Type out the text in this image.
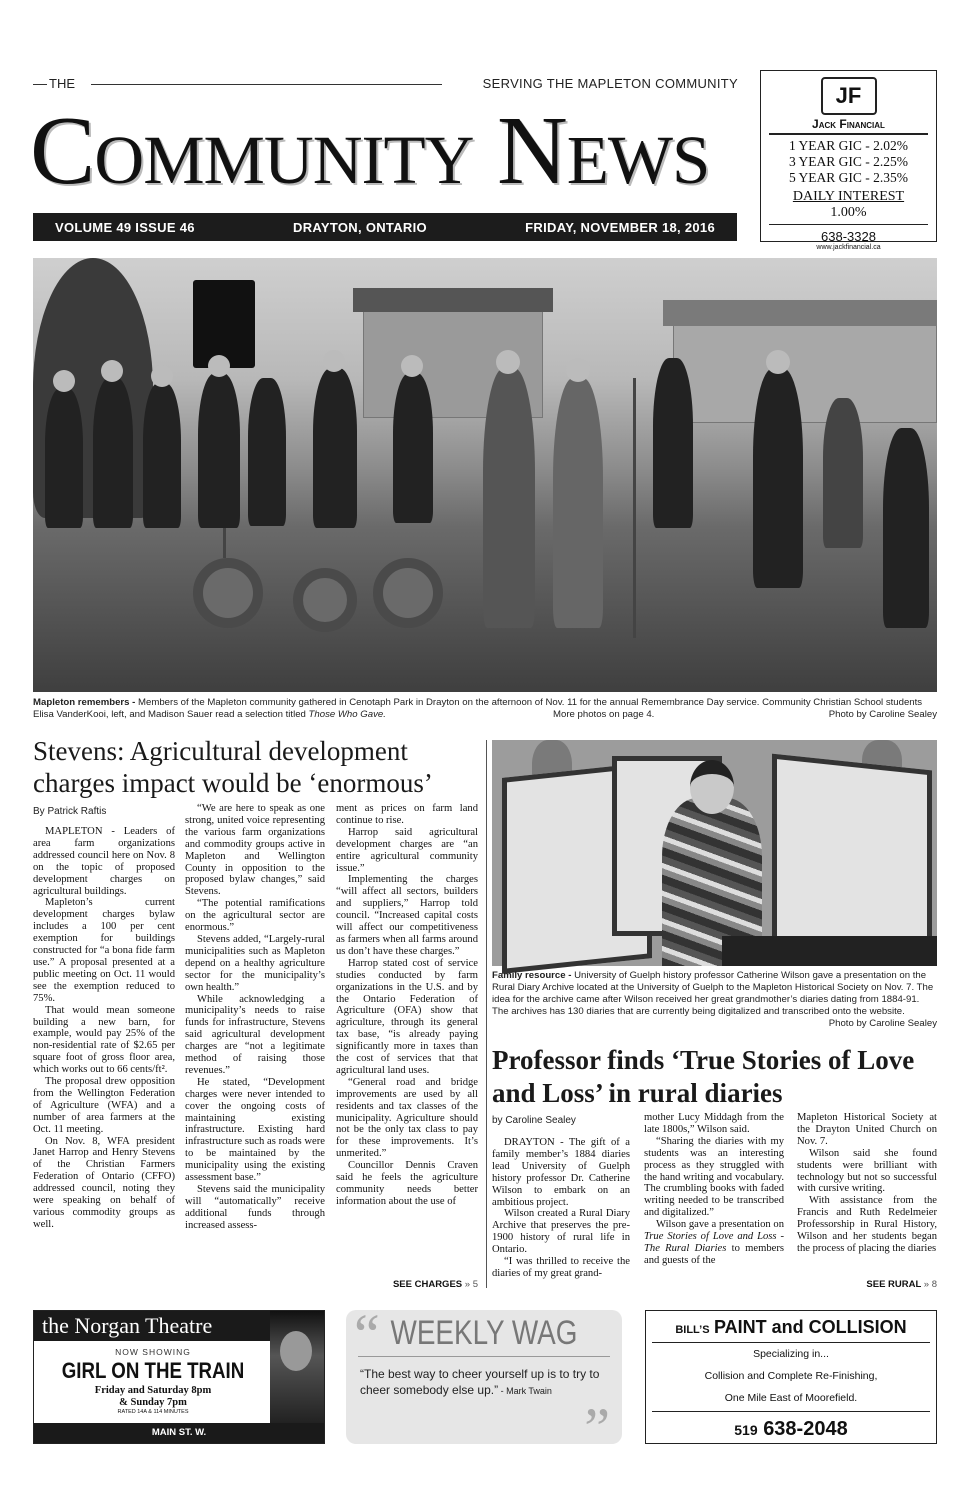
THE	SERVING THE MAPLETON COMMUNITY
Community News
VOLUME 49 ISSUE 46	DRAYTON, ONTARIO	FRIDAY, NOVEMBER 18, 2016
JF
Jack Financial
1 YEAR GIC - 2.02%
3 YEAR GIC - 2.25%
5 YEAR GIC - 2.35%
DAILY INTEREST
1.00%
638-3328
www.jackfinancial.ca
Mapleton remembers - Members of the Mapleton community gathered in Cenotaph Park in Drayton on the afternoon of Nov. 11 for the annual Remembrance Day service. Community Christian School students Elisa VanderKooi, left, and Madison Sauer read a selection titled Those Who Gave.	More photos on page 4.	Photo by Caroline Sealey
Stevens: Agricultural development charges impact would be ‘enormous’
By Patrick Raftis

MAPLETON - Leaders of area farm organizations addressed council here on Nov. 8 on the topic of proposed development charges on agricultural buildings.

Mapleton’s current development charges bylaw includes a 100 per cent exemption for buildings constructed for “a bona fide farm use.” A proposal presented at a public meeting on Oct. 11 would see the exemption reduced to 75%.

That would mean someone building a new barn, for example, would pay 25% of the non-residential rate of $2.65 per square foot of gross floor area, which works out to 66 cents/ft².

The proposal drew opposition from the Wellington Federation of Agriculture (WFA) and a number of area farmers at the Oct. 11 meeting.

On Nov. 8, WFA president Janet Harrop and Henry Stevens of the Christian Farmers Federation of Ontario (CFFO) addressed council, noting they were speaking on behalf of various commodity groups as well.

“We are here to speak as one strong, united voice representing the various farm organizations and commodity groups active in Mapleton and Wellington County in opposition to the proposed bylaw changes,” said Stevens.

“The potential ramifications on the agricultural sector are enormous.”

Stevens added, “Largely-rural municipalities such as Mapleton depend on a healthy agriculture sector for the municipality’s own health.”

While acknowledging a municipality’s needs to raise funds for infrastructure, Stevens said agricultural development charges are “not a legitimate method of raising those revenues.”

He stated, “Development charges were never intended to cover the ongoing costs of maintaining existing infrastructure. Existing hard infrastructure such as roads were to be maintained by the municipality using the existing assessment base.”

Stevens said the municipality will “automatically” receive additional funds through increased assess-

ment as prices on farm land continue to rise.

Harrop said agricultural development charges are “an entire agricultural community issue.”

Implementing the charges “will affect all sectors, builders and suppliers,” Harrop told council. “Increased capital costs will affect our competitiveness as farmers when all farms around us don’t have these charges.”

Harrop stated cost of service studies conducted by farm organizations in the U.S. and by the Ontario Federation of Agriculture (OFA) show that agriculture, through its general tax base, “is already paying significantly more in taxes than the cost of services that that agricultural land uses.

“General road and bridge improvements are used by all residents and tax classes of the municipality. Agriculture should not be the only tax class to pay for these improvements. It’s unmerited.”

Councillor Dennis Craven said he feels the agriculture community needs better information about the use of

SEE CHARGES » 5
Family resource - University of Guelph history professor Catherine Wilson gave a presentation on the Rural Diary Archive located at the University of Guelph to the Mapleton Historical Society on Nov. 7. The idea for the archive came after Wilson received her great grandmother’s diaries dating from 1884-91. The archives has 130 diaries that are currently being digitalized and transcribed onto the website.
Photo by Caroline Sealey
Professor finds ‘True Stories of Love and Loss’ in rural diaries
by Caroline Sealey

DRAYTON - The gift of a family member’s 1884 diaries lead University of Guelph history professor Dr. Catherine Wilson to embark on an ambitious project.

Wilson created a Rural Diary Archive that preserves the pre-1900 history of rural life in Ontario.

“I was thrilled to receive the diaries of my great grand-

mother Lucy Middagh from the late 1800s,” Wilson said.

“Sharing the diaries with my students was an interesting process as they struggled with the hand writing and vocabulary. The crumbling books with faded writing needed to be transcribed and digitalized.”

Wilson gave a presentation on True Stories of Love and Loss - The Rural Diaries to members and guests of the

Mapleton Historical Society at the Drayton United Church on Nov. 7.

Wilson said she found students were brilliant with technology but not so successful with cursive writing.

With assistance from the Francis and Ruth Redelmeier Professorship in Rural History, Wilson and her students began the process of placing the diaries

SEE RURAL » 8
the Norgan Theatre
NOW SHOWING
GIRL ON THE TRAIN
Friday and Saturday 8pm
& Sunday 7pm
RATED 14A & 114 MINUTES
MAIN ST. W. PALMERSTON 519.343.3640 www.norgantheatre.com
“ WEEKLY WAG
“The best way to cheer yourself up is to try to cheer somebody else up.” - Mark Twain
”
BILL’S PAINT and COLLISION
Specializing in...
Collision and Complete Re-Finishing,
One Mile East of Moorefield.
519 638-2048
